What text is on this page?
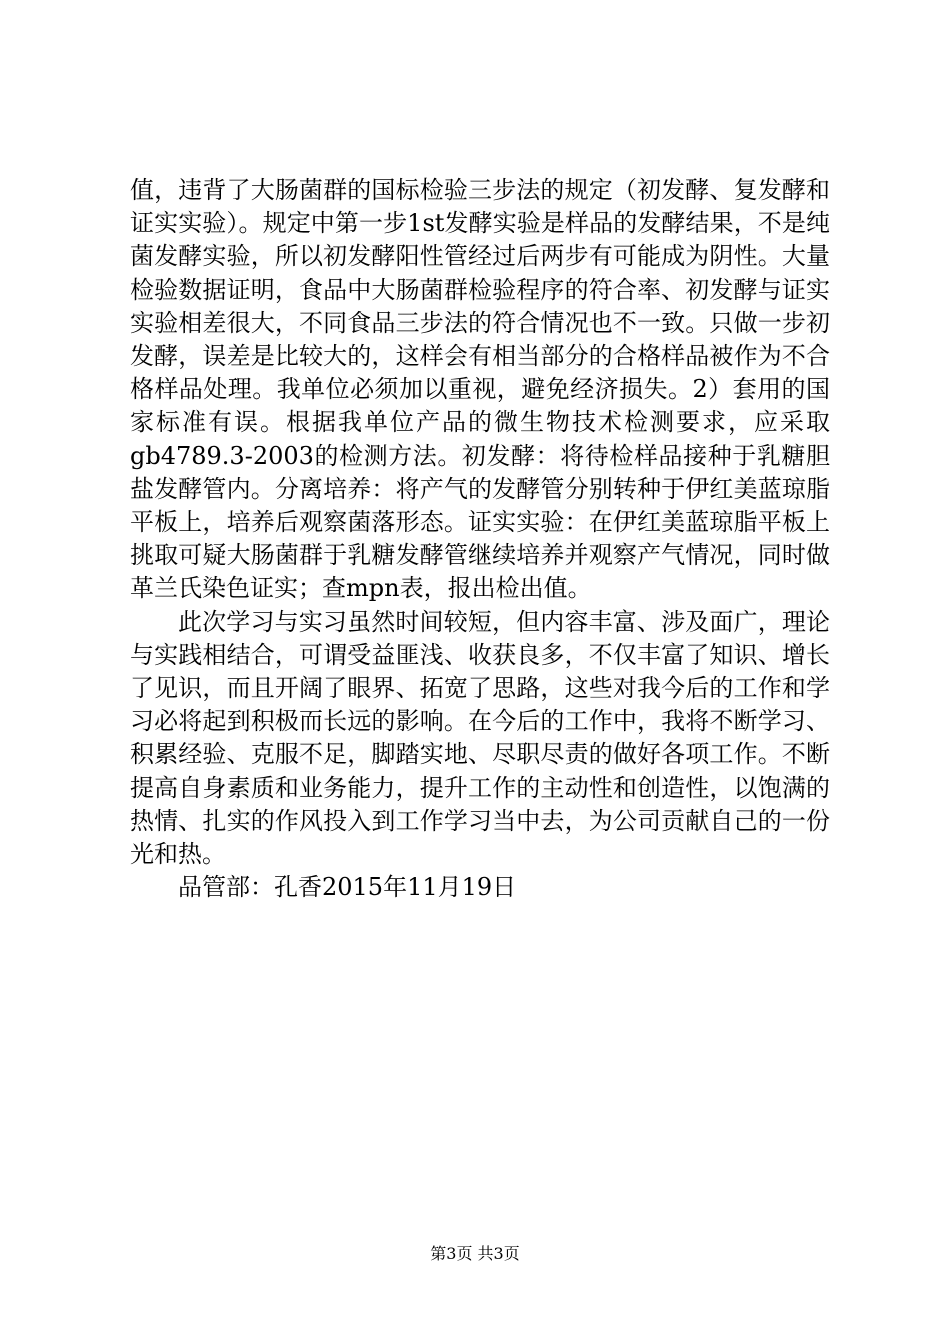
值，违背了大肠菌群的国标检验三步法的规定（初发酵、复发酵和证实实验）。规定中第一步1st发酵实验是样品的发酵结果，不是纯菌发酵实验，所以初发酵阳性管经过后两步有可能成为阴性。大量检验数据证明，食品中大肠菌群检验程序的符合率、初发酵与证实实验相差很大，不同食品三步法的符合情况也不一致。只做一步初发酵，误差是比较大的，这样会有相当部分的合格样品被作为不合格样品处理。我单位必须加以重视，避免经济损失。2）套用的国家标准有误。根据我单位产品的微生物技术检测要求，应采取gb4789.3-2003的检测方法。初发酵：将待检样品接种于乳糖胆盐发酵管内。分离培养：将产气的发酵管分别转种于伊红美蓝琼脂平板上，培养后观察菌落形态。证实实验：在伊红美蓝琼脂平板上挑取可疑大肠菌群于乳糖发酵管继续培养并观察产气情况，同时做革兰氏染色证实；查mpn表，报出检出值。

此次学习与实习虽然时间较短，但内容丰富、涉及面广，理论与实践相结合，可谓受益匪浅、收获良多，不仅丰富了知识、增长了见识，而且开阔了眼界、拓宽了思路，这些对我今后的工作和学习必将起到积极而长远的影响。在今后的工作中，我将不断学习、积累经验、克服不足，脚踏实地、尽职尽责的做好各项工作。不断提高自身素质和业务能力，提升工作的主动性和创造性，以饱满的热情、扎实的作风投入到工作学习当中去，为公司贡献自己的一份光和热。

品管部：孔香2015年11月19日

第3页 共3页
